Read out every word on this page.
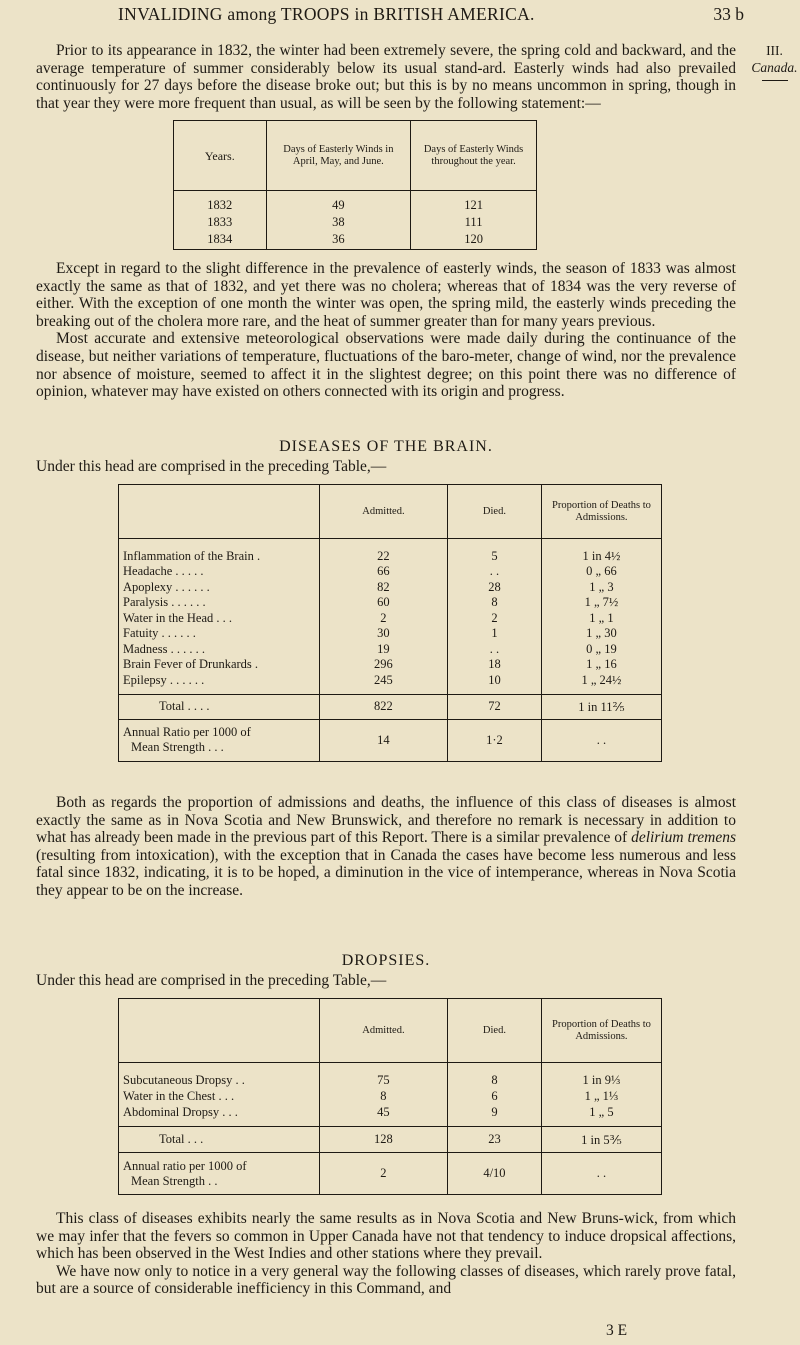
INVALIDING among TROOPS in BRITISH AMERICA.	33 b
III.
Canada.

Prior to its appearance in 1832, the winter had been extremely severe, the spring cold and backward, and the average temperature of summer considerably below its usual stand-ard. Easterly winds had also prevailed continuously for 27 days before the disease broke out; but this is by no means uncommon in spring, though in that year they were more frequent than usual, as will be seen by the following statement:—

Years.	Days of Easterly Winds in April, May, and June.	Days of Easterly Winds throughout the year.

1832	49	121
1833	38	111
1834	36	120

Except in regard to the slight difference in the prevalence of easterly winds, the season of 1833 was almost exactly the same as that of 1832, and yet there was no cholera; whereas that of 1834 was the very reverse of either. With the exception of one month the winter was open, the spring mild, the easterly winds preceding the breaking out of the cholera more rare, and the heat of summer greater than for many years previous.

Most accurate and extensive meteorological observations were made daily during the continuance of the disease, but neither variations of temperature, fluctuations of the baro-meter, change of wind, nor the prevalence nor absence of moisture, seemed to affect it in the slightest degree; on this point there was no difference of opinion, whatever may have existed on others connected with its origin and progress.

DISEASES OF THE BRAIN.
Under this head are comprised in the preceding Table,—
	Admitted.	Died.	Proportion of Deaths to Admissions.

Inflammation of the Brain .	22	5	1 in 4½
Headache . . . . .	66	. .	0 „ 66
Apoplexy . . . . . .	82	28	1 „ 3
Paralysis . . . . . .	60	8	1 „ 7½
Water in the Head . . .	2	2	1 „ 1
Fatuity . . . . . .	30	1	1 „ 30
Madness . . . . . .	19	. .	0 „ 19
Brain Fever of Drunkards .	296	18	1 „ 16
Epilepsy . . . . . .	245	10	1 „ 24½

Total . . . .	822	72	1 in 11⅖

Annual Ratio per 1000 of
Mean Strength . . .	14	1·2	. .

Both as regards the proportion of admissions and deaths, the influence of this class of diseases is almost exactly the same as in Nova Scotia and New Brunswick, and therefore no remark is necessary in addition to what has already been made in the previous part of this Report. There is a similar prevalence of delirium tremens (resulting from intoxication), with the exception that in Canada the cases have become less numerous and less fatal since 1832, indicating, it is to be hoped, a diminution in the vice of intemperance, whereas in Nova Scotia they appear to be on the increase.

DROPSIES.
Under this head are comprised in the preceding Table,—
	Admitted.	Died.	Proportion of Deaths to Admissions.

Subcutaneous Dropsy . .	75	8	1 in 9⅓
Water in the Chest . . .	8	6	1 „ 1⅓
Abdominal Dropsy . . .	45	9	1 „ 5

Total . . .	128	23	1 in 5⅗

Annual ratio per 1000 of
Mean Strength . .	2	4/10	. .

This class of diseases exhibits nearly the same results as in Nova Scotia and New Bruns-wick, from which we may infer that the fevers so common in Upper Canada have not that tendency to induce dropsical affections, which has been observed in the West Indies and other stations where they prevail.

We have now only to notice in a very general way the following classes of diseases, which rarely prove fatal, but are a source of considerable inefficiency in this Command, and

3 E
